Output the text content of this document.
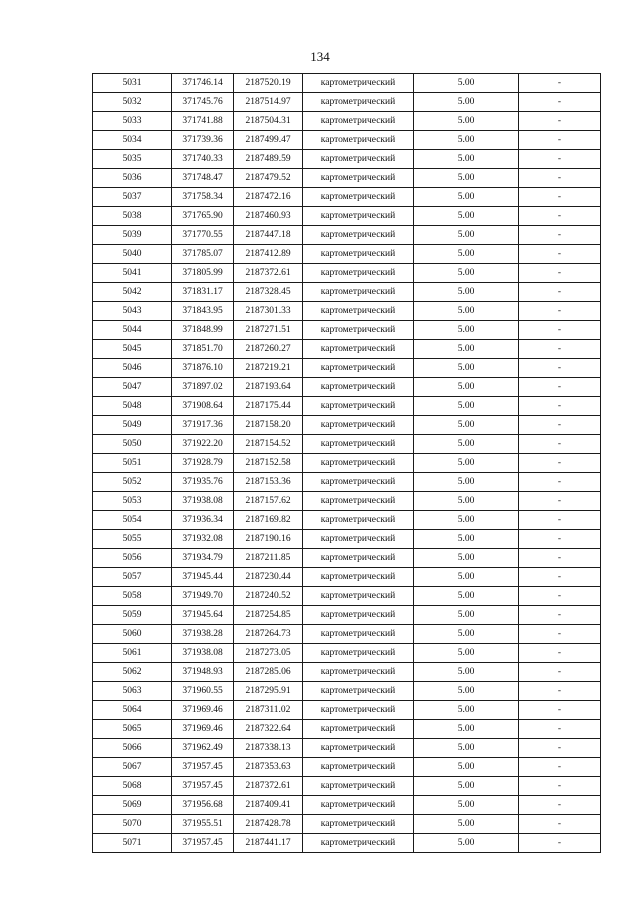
134
5031	371746.14	2187520.19	картометрический	5.00	-
5032	371745.76	2187514.97	картометрический	5.00	-
5033	371741.88	2187504.31	картометрический	5.00	-
5034	371739.36	2187499.47	картометрический	5.00	-
5035	371740.33	2187489.59	картометрический	5.00	-
5036	371748.47	2187479.52	картометрический	5.00	-
5037	371758.34	2187472.16	картометрический	5.00	-
5038	371765.90	2187460.93	картометрический	5.00	-
5039	371770.55	2187447.18	картометрический	5.00	-
5040	371785.07	2187412.89	картометрический	5.00	-
5041	371805.99	2187372.61	картометрический	5.00	-
5042	371831.17	2187328.45	картометрический	5.00	-
5043	371843.95	2187301.33	картометрический	5.00	-
5044	371848.99	2187271.51	картометрический	5.00	-
5045	371851.70	2187260.27	картометрический	5.00	-
5046	371876.10	2187219.21	картометрический	5.00	-
5047	371897.02	2187193.64	картометрический	5.00	-
5048	371908.64	2187175.44	картометрический	5.00	-
5049	371917.36	2187158.20	картометрический	5.00	-
5050	371922.20	2187154.52	картометрический	5.00	-
5051	371928.79	2187152.58	картометрический	5.00	-
5052	371935.76	2187153.36	картометрический	5.00	-
5053	371938.08	2187157.62	картометрический	5.00	-
5054	371936.34	2187169.82	картометрический	5.00	-
5055	371932.08	2187190.16	картометрический	5.00	-
5056	371934.79	2187211.85	картометрический	5.00	-
5057	371945.44	2187230.44	картометрический	5.00	-
5058	371949.70	2187240.52	картометрический	5.00	-
5059	371945.64	2187254.85	картометрический	5.00	-
5060	371938.28	2187264.73	картометрический	5.00	-
5061	371938.08	2187273.05	картометрический	5.00	-
5062	371948.93	2187285.06	картометрический	5.00	-
5063	371960.55	2187295.91	картометрический	5.00	-
5064	371969.46	2187311.02	картометрический	5.00	-
5065	371969.46	2187322.64	картометрический	5.00	-
5066	371962.49	2187338.13	картометрический	5.00	-
5067	371957.45	2187353.63	картометрический	5.00	-
5068	371957.45	2187372.61	картометрический	5.00	-
5069	371956.68	2187409.41	картометрический	5.00	-
5070	371955.51	2187428.78	картометрический	5.00	-
5071	371957.45	2187441.17	картометрический	5.00	-
